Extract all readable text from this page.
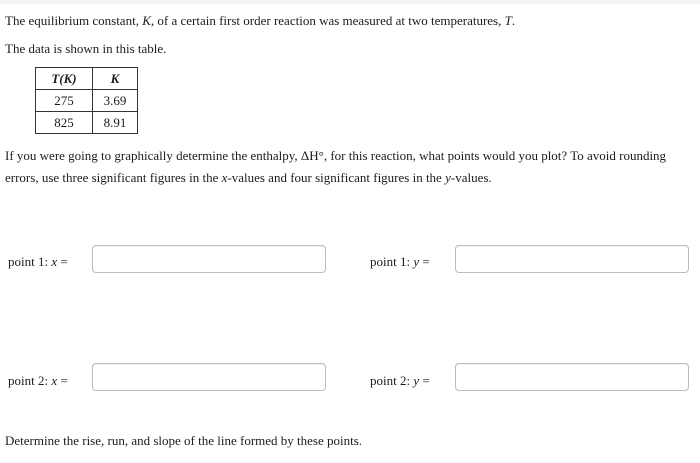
The equilibrium constant, K, of a certain first order reaction was measured at two temperatures, T.
The data is shown in this table.
T(K)	K
275	3.69
825	8.91
If you were going to graphically determine the enthalpy, ΔH°, for this reaction, what points would you plot? To avoid rounding
errors, use three significant figures in the x-values and four significant figures in the y-values.
point 1: x =	point 1: y =
point 2: x =	point 2: y =
Determine the rise, run, and slope of the line formed by these points.
